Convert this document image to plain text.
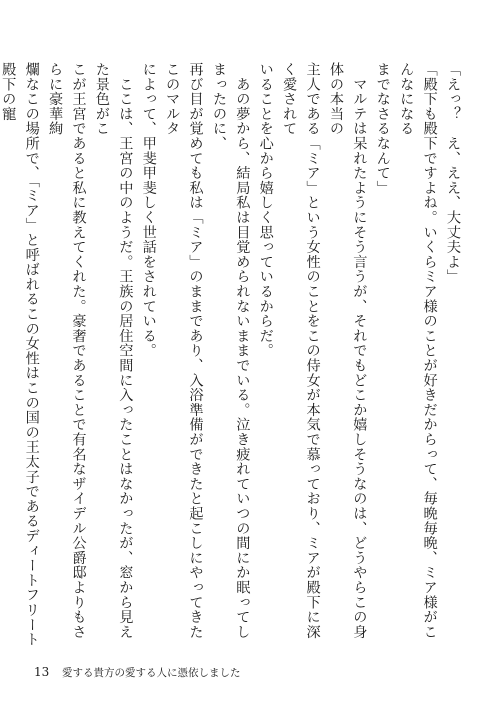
「えっ？　え、ええ、大丈夫よ」

「殿下も殿下ですよね。いくらミア様のことが好きだからって、毎晩毎晩、ミア様がこんなになる

までなさるなんて」

　マルテは呆れたようにそう言うが、それでもどこか嬉しそうなのは、どうやらこの身体の本当の

主人である「ミア」という女性のことをこの侍女が本気で慕っており、ミアが殿下に深く愛されて

いることを心から嬉しく思っているからだ。

　あの夢から、結局私は目覚められないままでいる。泣き疲れていつの間にか眠ってしまったのに、

再び目が覚めても私は「ミア」のままであり、入浴準備ができたと起こしにやってきたこのマルタ

によって、甲斐甲斐しく世話をされている。

　ここは、王宮の中のようだ。王族の居住空間に入ったことはなかったが、窓から見えた景色がこ

こが王宮であると私に教えてくれた。豪奢であることで有名なザイデル公爵邸よりもさらに豪華絢

爛なこの場所で、「ミア」と呼ばれるこの女性はこの国の王太子であるディートフリート殿下の寵

13 愛する貴方の愛する人に憑依しました
